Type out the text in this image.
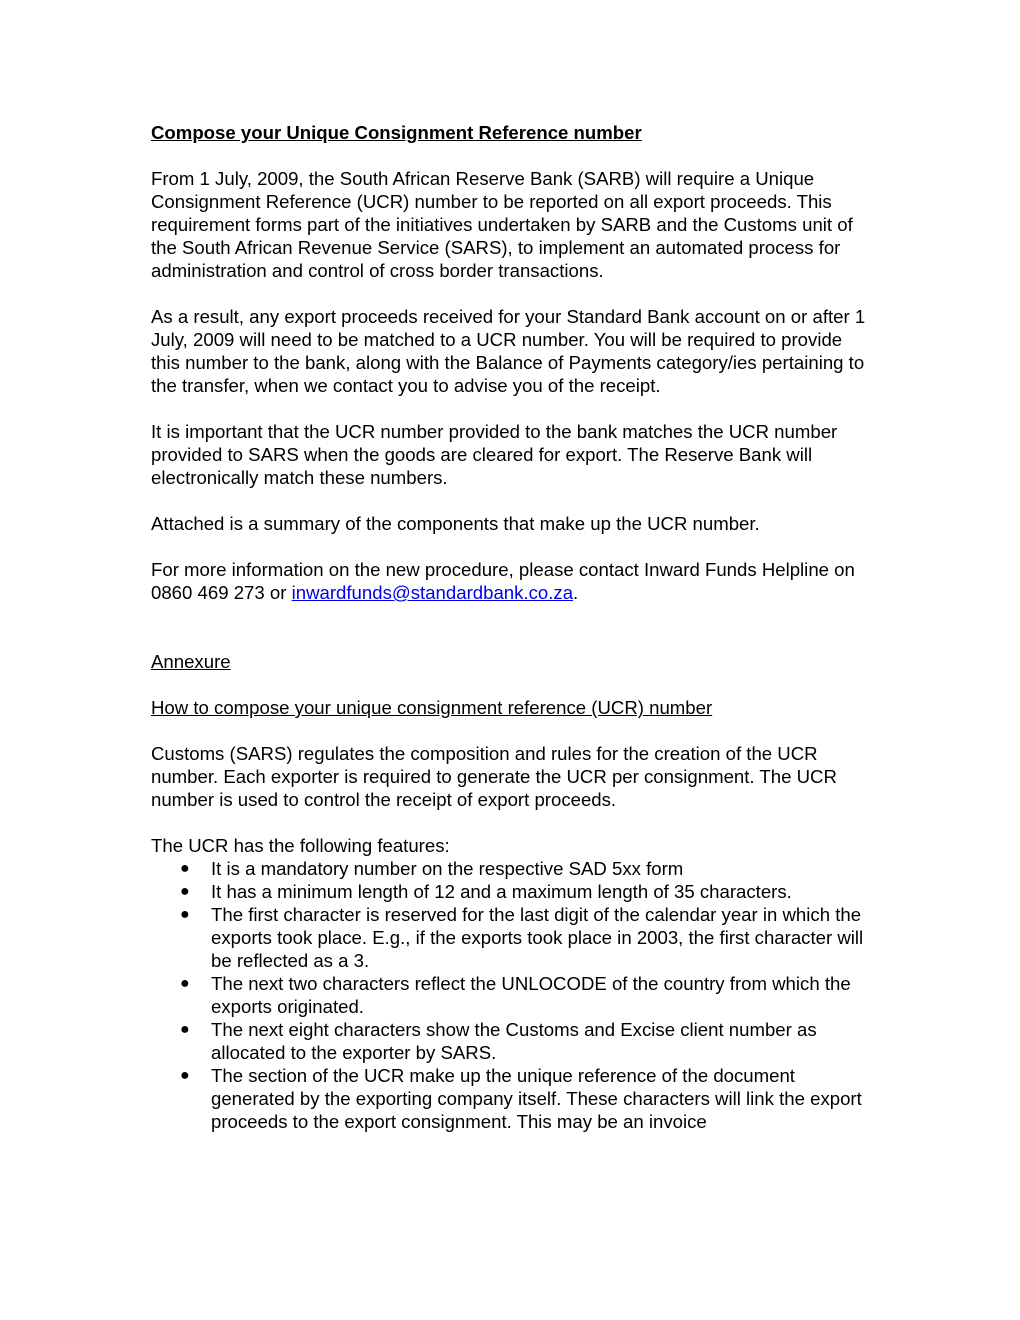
Compose your Unique Consignment Reference number

From 1 July, 2009, the South African Reserve Bank (SARB) will require a Unique Consignment Reference (UCR) number to be reported on all export proceeds. This requirement forms part of the initiatives undertaken by SARB and the Customs unit of the South African Revenue Service (SARS), to implement an automated process for administration and control of cross border transactions.

As a result, any export proceeds received for your Standard Bank account on or after 1 July, 2009 will need to be matched to a UCR number. You will be required to provide this number to the bank, along with the Balance of Payments category/ies pertaining to the transfer, when we contact you to advise you of the receipt.

It is important that the UCR number provided to the bank matches the UCR number provided to SARS when the goods are cleared for export. The Reserve Bank will electronically match these numbers.

Attached is a summary of the components that make up the UCR number.

For more information on the new procedure, please contact Inward Funds Helpline on 0860 469 273 or inwardfunds@standardbank.co.za.

Annexure
How to compose your unique consignment reference (UCR) number

Customs (SARS) regulates the composition and rules for the creation of the UCR number. Each exporter is required to generate the UCR per consignment. The UCR number is used to control the receipt of export proceeds.

The UCR has the following features:
● It is a mandatory number on the respective SAD 5xx form
● It has a minimum length of 12 and a maximum length of 35 characters.
● The first character is reserved for the last digit of the calendar year in which the exports took place. E.g., if the exports took place in 2003, the first character will be reflected as a 3.
● The next two characters reflect the UNLOCODE of the country from which the exports originated.
● The next eight characters show the Customs and Excise client number as allocated to the exporter by SARS.
● The section of the UCR make up the unique reference of the document generated by the exporting company itself. These characters will link the export proceeds to the export consignment. This may be an invoice
